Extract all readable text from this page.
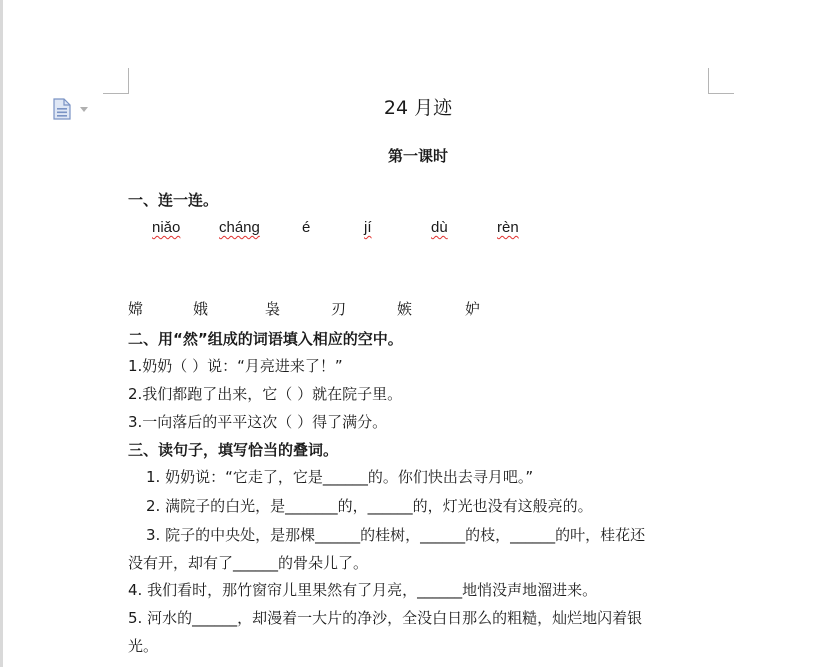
24 月迹
第一课时
一、连一连。
niǎo	cháng	é	jí	dù	rèn
嫦	娥	袅	刃	嫉	妒
二、用“然”组成的词语填入相应的空中。
1.奶奶（ ）说：“月亮进来了！”
2.我们都跑了出来，它（ ）就在院子里。
3.一向落后的平平这次（ ）得了满分。
三、读句子，填写恰当的叠词。
1. 奶奶说：“它走了，它是______的。你们快出去寻月吧。”
2. 满院子的白光，是_______的，______的，灯光也没有这般亮的。
3. 院子的中央处，是那棵______的桂树，______的枝，______的叶，桂花还
没有开，却有了______的骨朵儿了。
4. 我们看时，那竹窗帘儿里果然有了月亮，______地悄没声地溜进来。
5. 河水的______，却漫着一大片的净沙，全没白日那么的粗糙，灿烂地闪着银
光。
